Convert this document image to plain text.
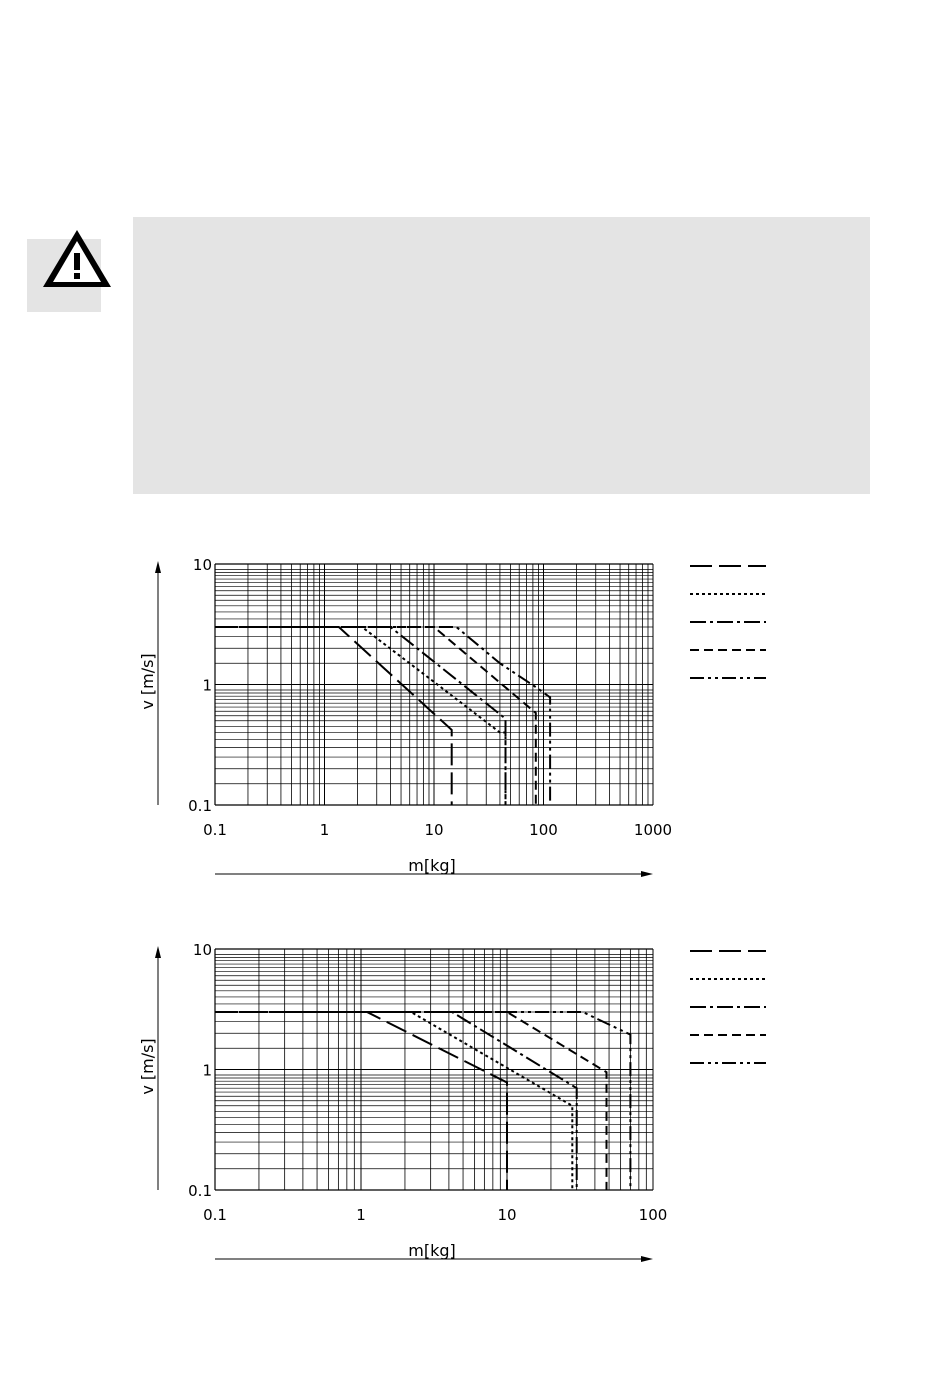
0.1	1	10	100	1000
10
1
0.1
v [m/s]
m[kg]
0.1	1	10	100
10
1
0.1
v [m/s]
m[kg]
